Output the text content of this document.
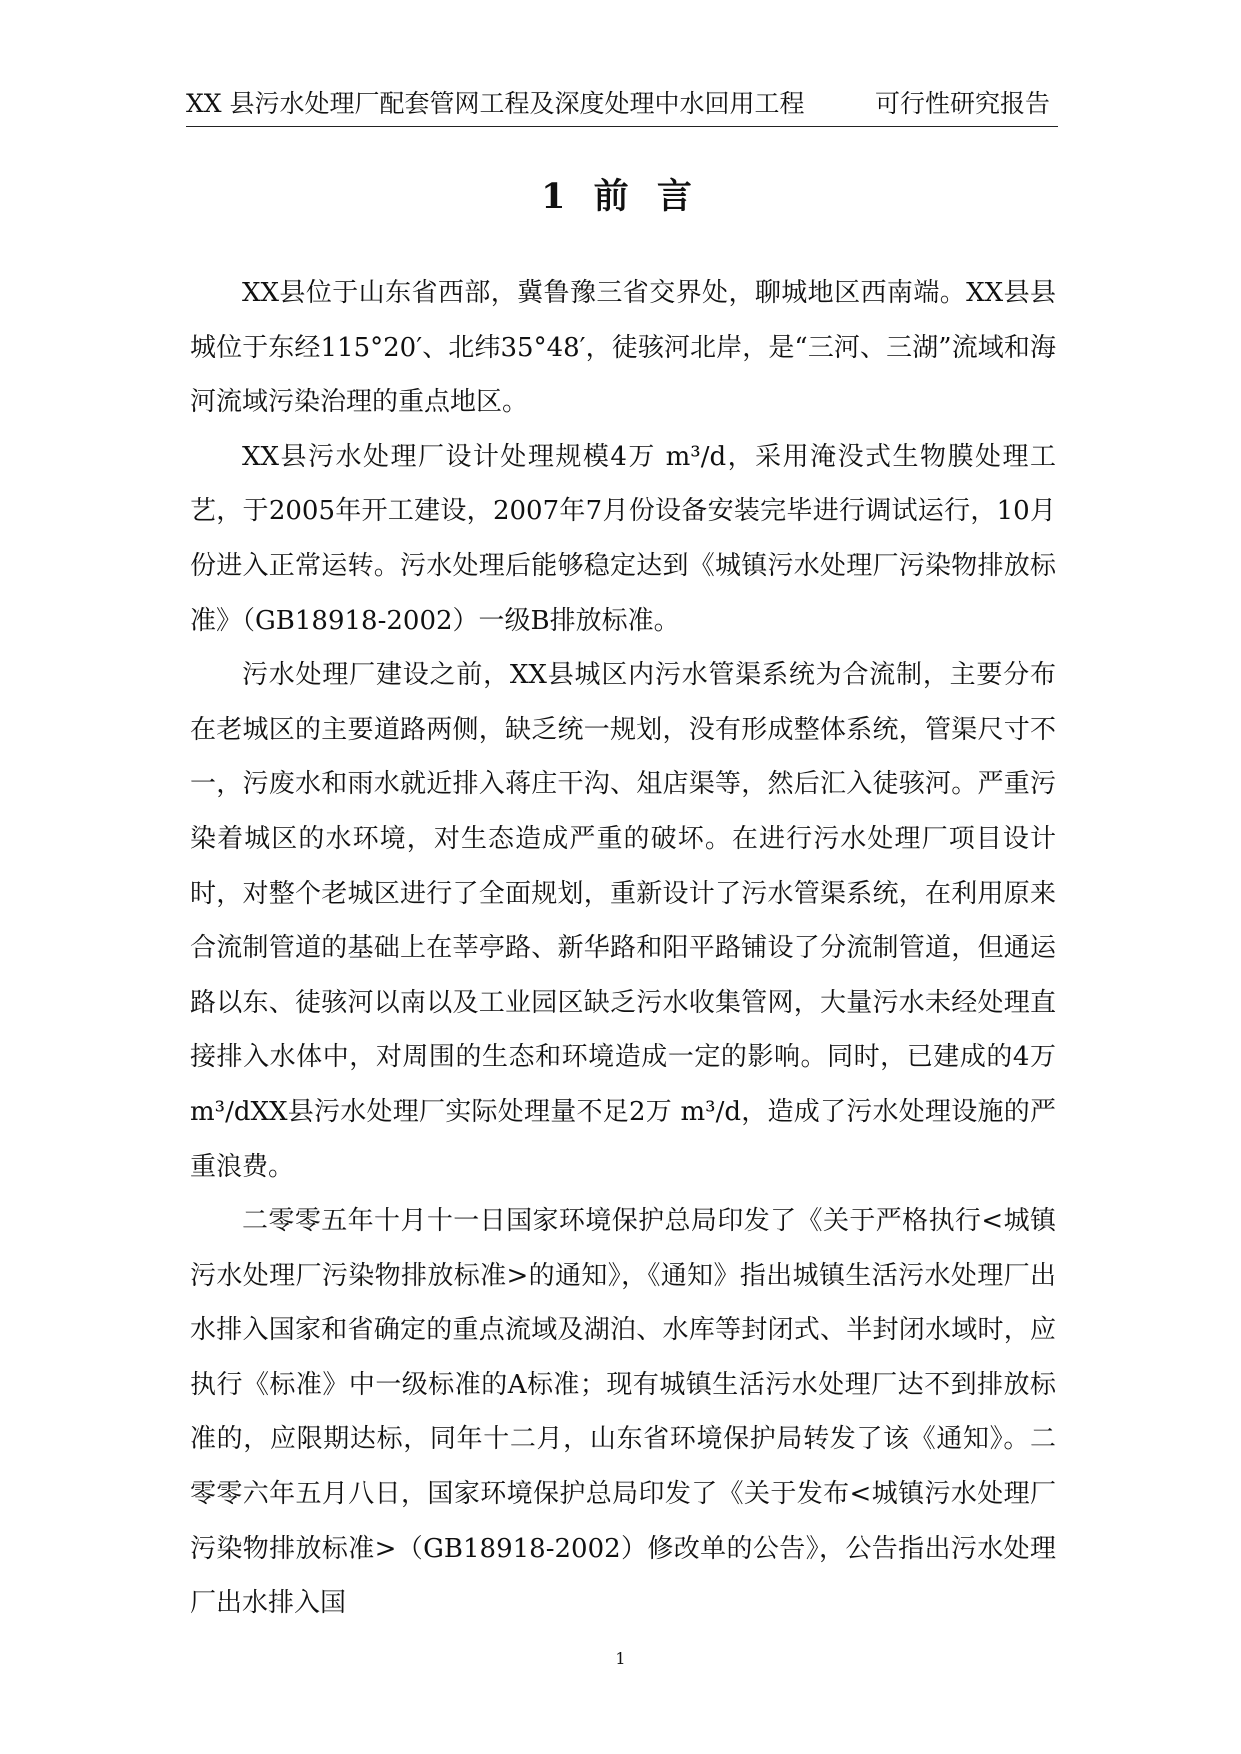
XX 县污水处理厂配套管网工程及深度处理中水回用工程	可行性研究报告
1 前 言

XX县位于山东省西部，冀鲁豫三省交界处，聊城地区西南端。XX县县城位于东经115°20′、北纬35°48′，徒骇河北岸，是“三河、三湖”流域和海河流域污染治理的重点地区。

XX县污水处理厂设计处理规模4万 m³/d，采用淹没式生物膜处理工艺，于2005年开工建设，2007年7月份设备安装完毕进行调试运行，10月份进入正常运转。污水处理后能够稳定达到《城镇污水处理厂污染物排放标准》（GB18918-2002）一级B排放标准。

污水处理厂建设之前，XX县城区内污水管渠系统为合流制，主要分布在老城区的主要道路两侧，缺乏统一规划，没有形成整体系统，管渠尺寸不一，污废水和雨水就近排入蒋庄干沟、俎店渠等，然后汇入徒骇河。严重污染着城区的水环境，对生态造成严重的破坏。在进行污水处理厂项目设计时，对整个老城区进行了全面规划，重新设计了污水管渠系统，在利用原来合流制管道的基础上在莘亭路、新华路和阳平路铺设了分流制管道，但通运路以东、徒骇河以南以及工业园区缺乏污水收集管网，大量污水未经处理直接排入水体中，对周围的生态和环境造成一定的影响。同时，已建成的4万 m³/dXX县污水处理厂实际处理量不足2万 m³/d，造成了污水处理设施的严重浪费。

二零零五年十月十一日国家环境保护总局印发了《关于严格执行<城镇污水处理厂污染物排放标准>的通知》，《通知》指出城镇生活污水处理厂出水排入国家和省确定的重点流域及湖泊、水库等封闭式、半封闭水域时，应执行《标准》中一级标准的A标准；现有城镇生活污水处理厂达不到排放标准的，应限期达标，同年十二月，山东省环境保护局转发了该《通知》。二零零六年五月八日，国家环境保护总局印发了《关于发布<城镇污水处理厂污染物排放标准>（GB18918-2002）修改单的公告》，公告指出污水处理厂出水排入国

1
